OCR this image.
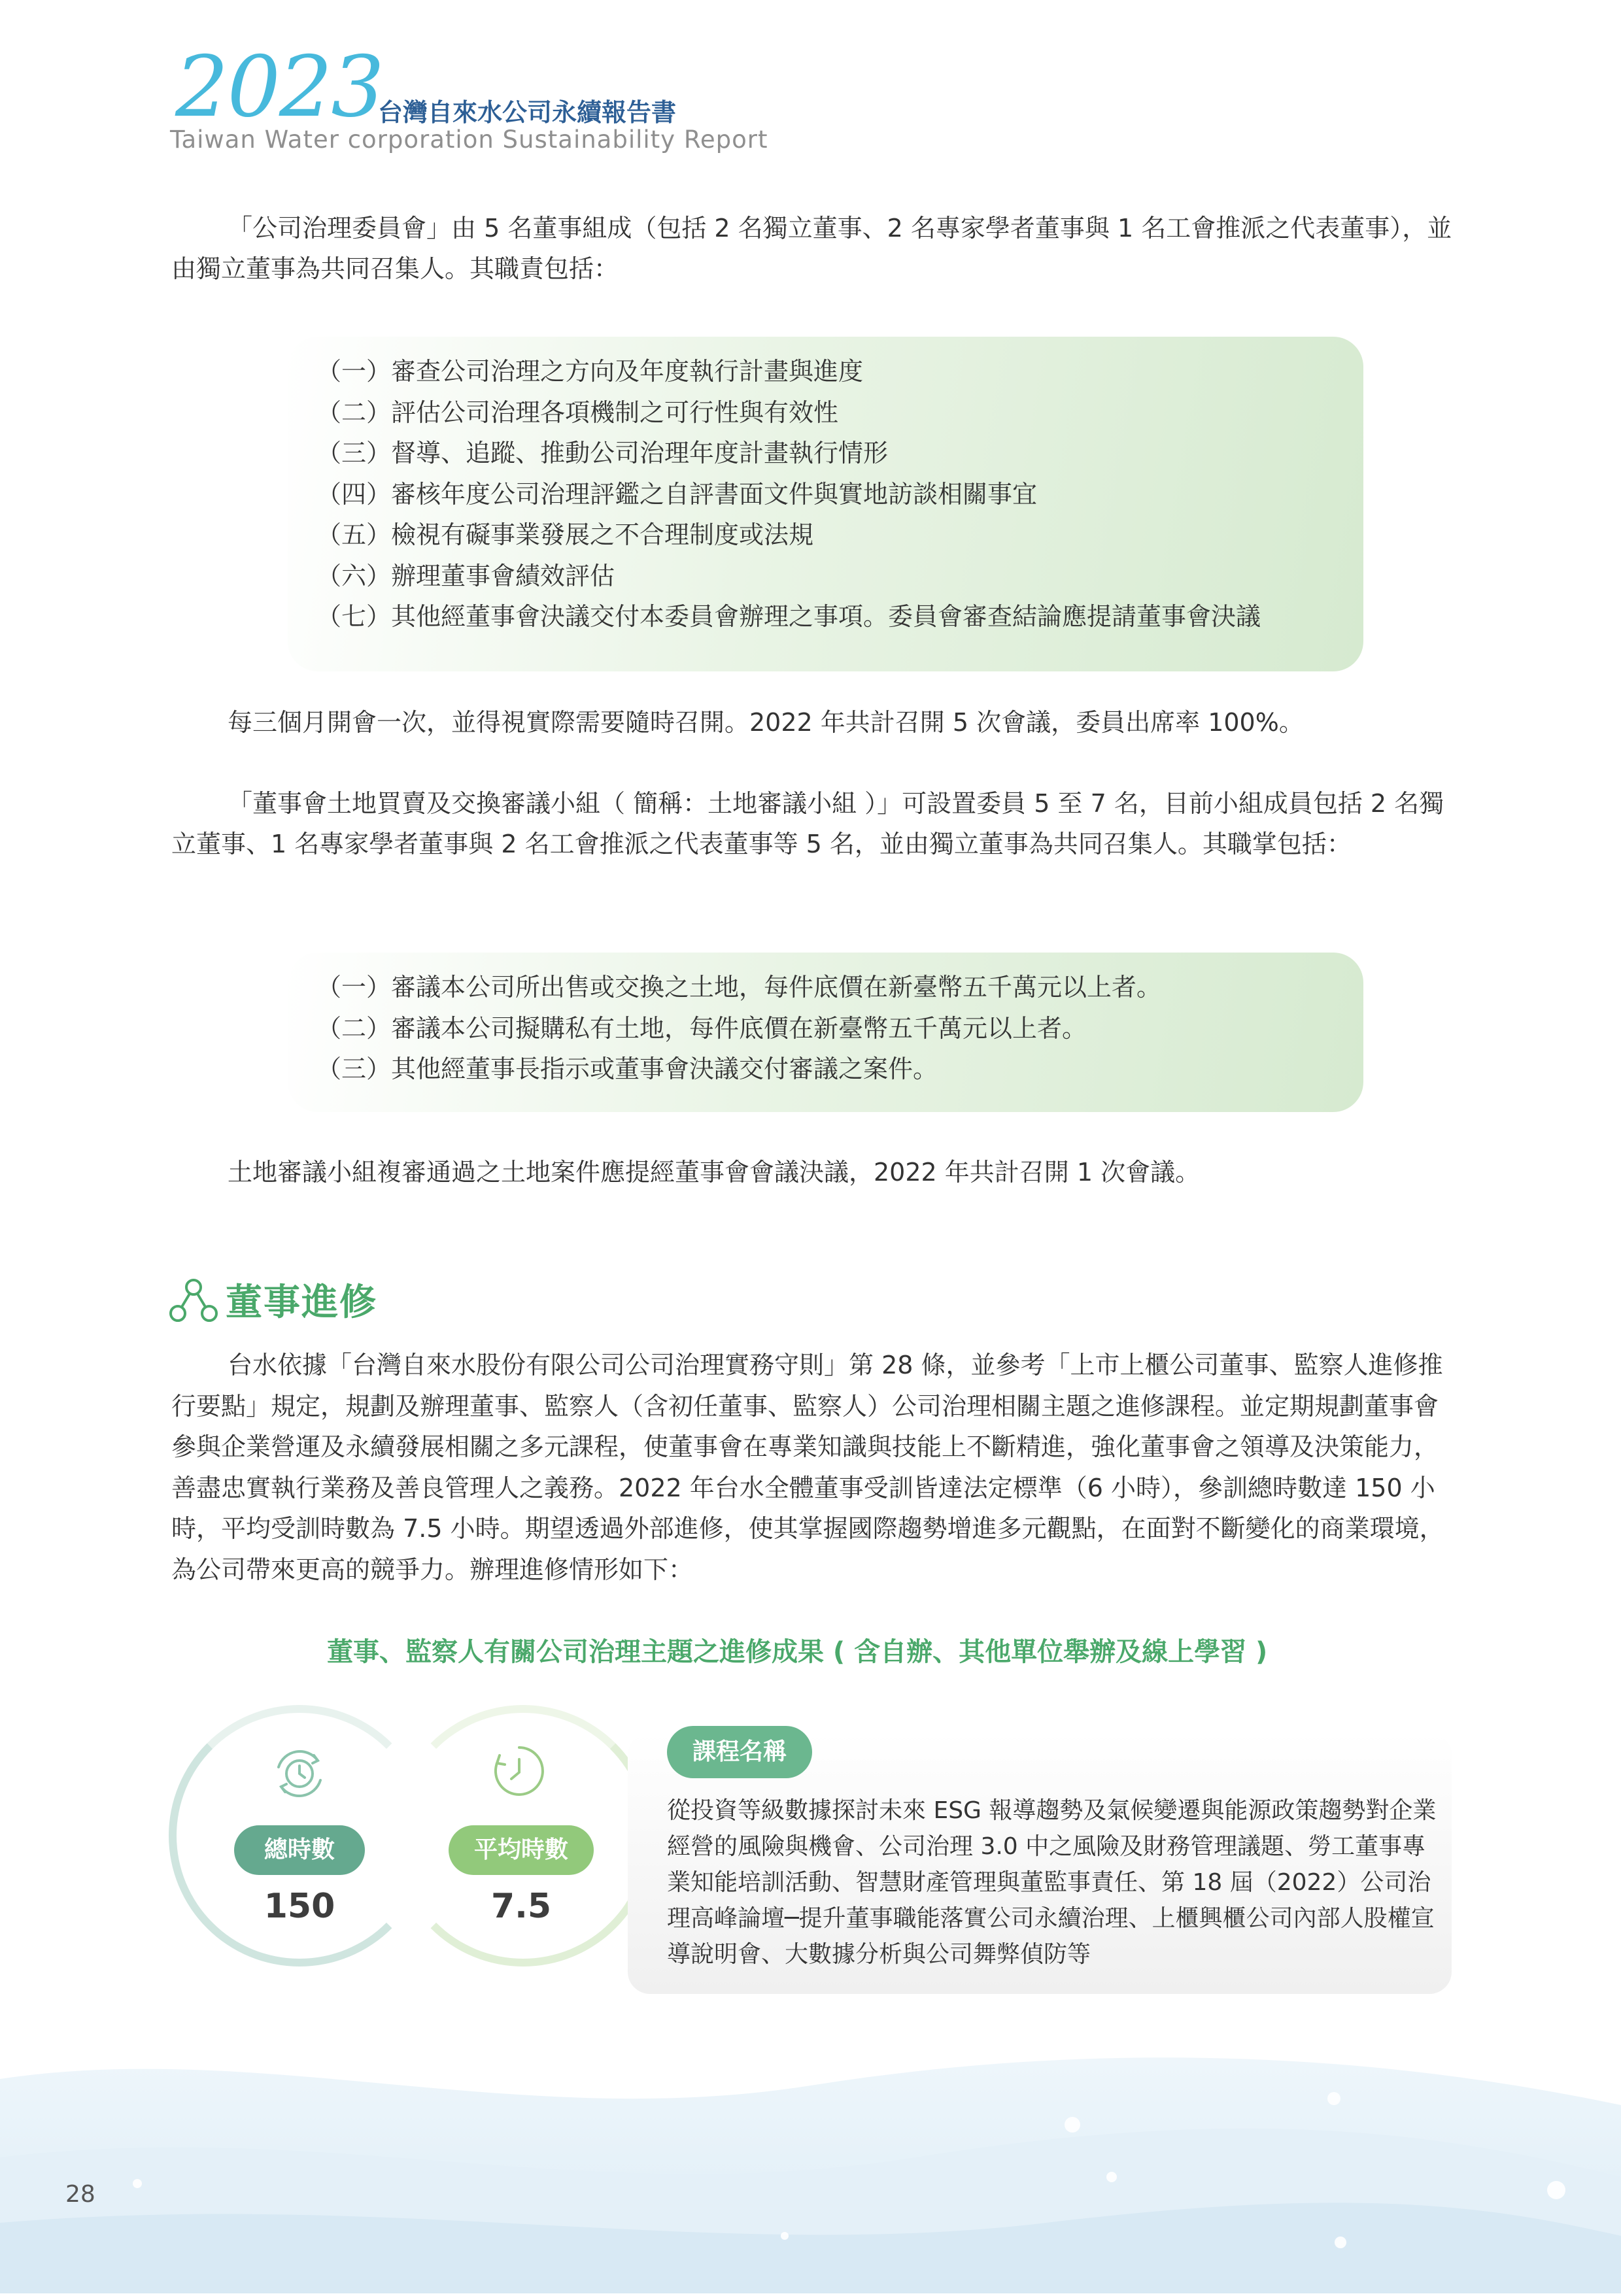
2023
台灣自來水公司永續報告書
Taiwan Water corporation Sustainability Report
「公司治理委員會」由 5 名董事組成（包括 2 名獨立董事、2 名專家學者董事與 1 名工會推派之代表董事），並由獨立董事為共同召集人。其職責包括：
（一）審查公司治理之方向及年度執行計畫與進度
（二）評估公司治理各項機制之可行性與有效性
（三）督導、追蹤、推動公司治理年度計畫執行情形
（四）審核年度公司治理評鑑之自評書面文件與實地訪談相關事宜
（五）檢視有礙事業發展之不合理制度或法規
（六）辦理董事會績效評估
（七）其他經董事會決議交付本委員會辦理之事項。委員會審查結論應提請董事會決議
每三個月開會一次，並得視實際需要隨時召開。2022 年共計召開 5 次會議，委員出席率 100%。
「董事會土地買賣及交換審議小組（ 簡稱：土地審議小組 ）」可設置委員 5 至 7 名，目前小組成員包括 2 名獨立董事、1 名專家學者董事與 2 名工會推派之代表董事等 5 名，並由獨立董事為共同召集人。其職掌包括：
（一）審議本公司所出售或交換之土地，每件底價在新臺幣五千萬元以上者。
（二）審議本公司擬購私有土地，每件底價在新臺幣五千萬元以上者。
（三）其他經董事長指示或董事會決議交付審議之案件。
土地審議小組複審通過之土地案件應提經董事會會議決議，2022 年共計召開 1 次會議。
董事進修
台水依據「台灣自來水股份有限公司公司治理實務守則」第 28 條，並參考「上市上櫃公司董事、監察人進修推行要點」規定，規劃及辦理董事、監察人（含初任董事、監察人）公司治理相關主題之進修課程。並定期規劃董事會參與企業營運及永續發展相關之多元課程，使董事會在專業知識與技能上不斷精進，強化董事會之領導及決策能力，善盡忠實執行業務及善良管理人之義務。2022 年台水全體董事受訓皆達法定標準（6 小時），參訓總時數達 150 小時，平均受訓時數為 7.5 小時。期望透過外部進修，使其掌握國際趨勢增進多元觀點，在面對不斷變化的商業環境，為公司帶來更高的競爭力。辦理進修情形如下：
董事、監察人有關公司治理主題之進修成果 ( 含自辦、其他單位舉辦及線上學習 )
總時數
150
平均時數
7.5
課程名稱
從投資等級數據探討未來 ESG 報導趨勢及氣候變遷與能源政策趨勢對企業經營的風險與機會、公司治理 3.0 中之風險及財務管理議題、勞工董事專業知能培訓活動、智慧財產管理與董監事責任、第 18 屆（2022）公司治理高峰論壇─提升董事職能落實公司永續治理、上櫃興櫃公司內部人股權宣導說明會、大數據分析與公司舞弊偵防等
28
